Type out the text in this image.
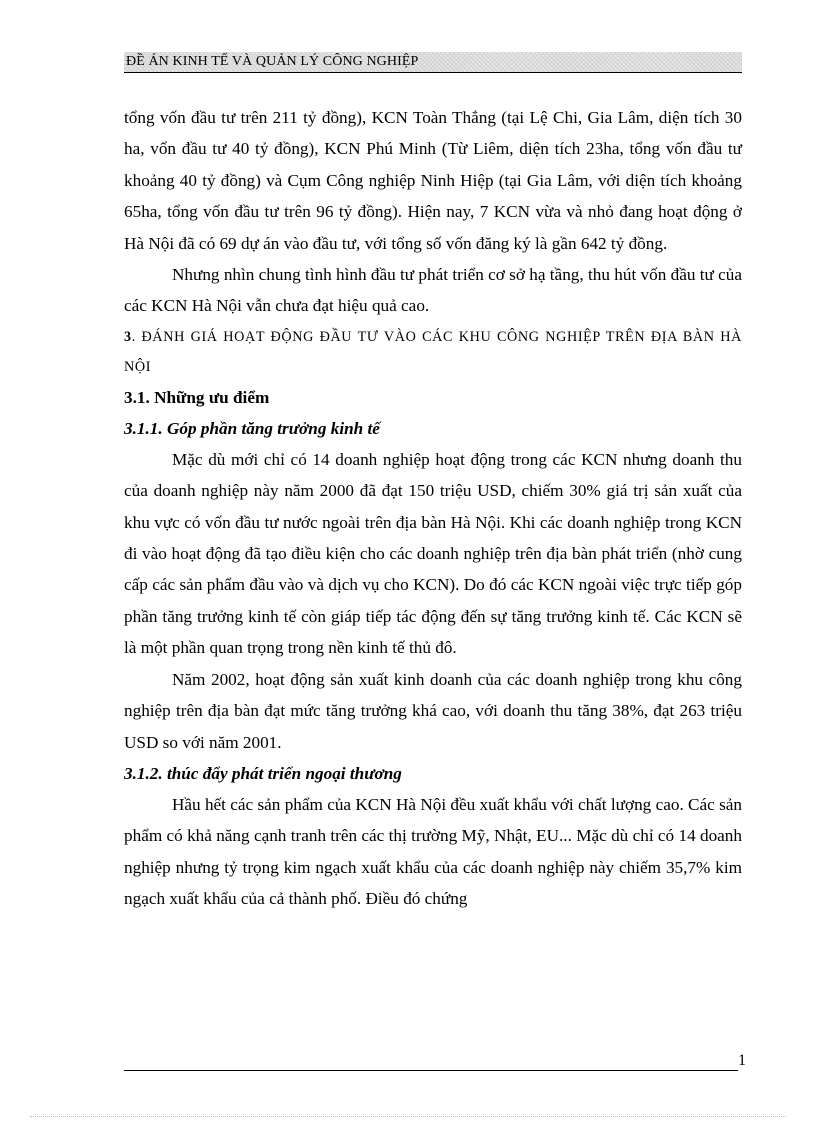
ĐỀ ÁN KINH TẾ VÀ QUẢN LÝ CÔNG NGHIỆP

tổng vốn đầu tư trên 211 tỷ đồng), KCN Toàn Thắng (tại Lệ Chi, Gia Lâm, diện tích 30 ha, vốn đầu tư 40 tỷ đồng), KCN Phú Minh (Từ Liêm, diện tích 23ha, tổng vốn đầu tư khoảng 40 tỷ đồng) và Cụm Công nghiệp Ninh Hiệp (tại Gia Lâm, với diện tích khoảng 65ha, tổng vốn đầu tư trên 96 tỷ đồng). Hiện nay, 7 KCN vừa và nhỏ đang hoạt động ở Hà Nội đã có 69 dự án vào đầu tư, với tổng số vốn đăng ký là gần 642 tỷ đồng.

Nhưng nhìn chung tình hình đầu tư phát triển cơ sở hạ tầng, thu hút vốn đầu tư của các KCN Hà Nội vẫn chưa đạt hiệu quả cao.

3. ĐÁNH GIÁ HOẠT ĐỘNG ĐẦU TƯ VÀO CÁC KHU CÔNG NGHIỆP TRÊN ĐỊA BÀN HÀ NỘI

3.1. Những ưu điểm

3.1.1. Góp phần tăng trưởng kinh tế

Mặc dù mới chỉ có 14 doanh nghiệp hoạt động trong các KCN nhưng doanh thu của doanh nghiệp này năm 2000 đã đạt 150 triệu USD, chiếm 30% giá trị sản xuất của khu vực có vốn đầu tư nước ngoài trên địa bàn Hà Nội. Khi các doanh nghiệp trong KCN đi vào hoạt động đã tạo điều kiện cho các doanh nghiệp trên địa bàn phát triển (nhờ cung cấp các sản phẩm đầu vào và dịch vụ cho KCN). Do đó các KCN ngoài việc trực tiếp góp phần tăng trưởng kinh tế còn giáp tiếp tác động đến sự tăng trưởng kinh tế. Các KCN sẽ là một phần quan trọng trong nền kinh tế thủ đô.

Năm 2002, hoạt động sản xuất kinh doanh của các doanh nghiệp trong khu công nghiệp trên địa bàn đạt mức tăng trưởng khá cao, với doanh thu tăng 38%, đạt 263 triệu USD so với năm 2001.

3.1.2. thúc đẩy phát triển ngoại thương

Hầu hết các sản phẩm của KCN Hà Nội đều xuất khẩu với chất lượng cao. Các sản phẩm có khả năng cạnh tranh trên các thị trường Mỹ, Nhật, EU... Mặc dù chỉ có 14 doanh nghiệp nhưng tỷ trọng kim ngạch xuất khẩu của các doanh nghiệp này chiếm 35,7% kim ngạch xuất khẩu của cả thành phố. Điều đó chứng

1
